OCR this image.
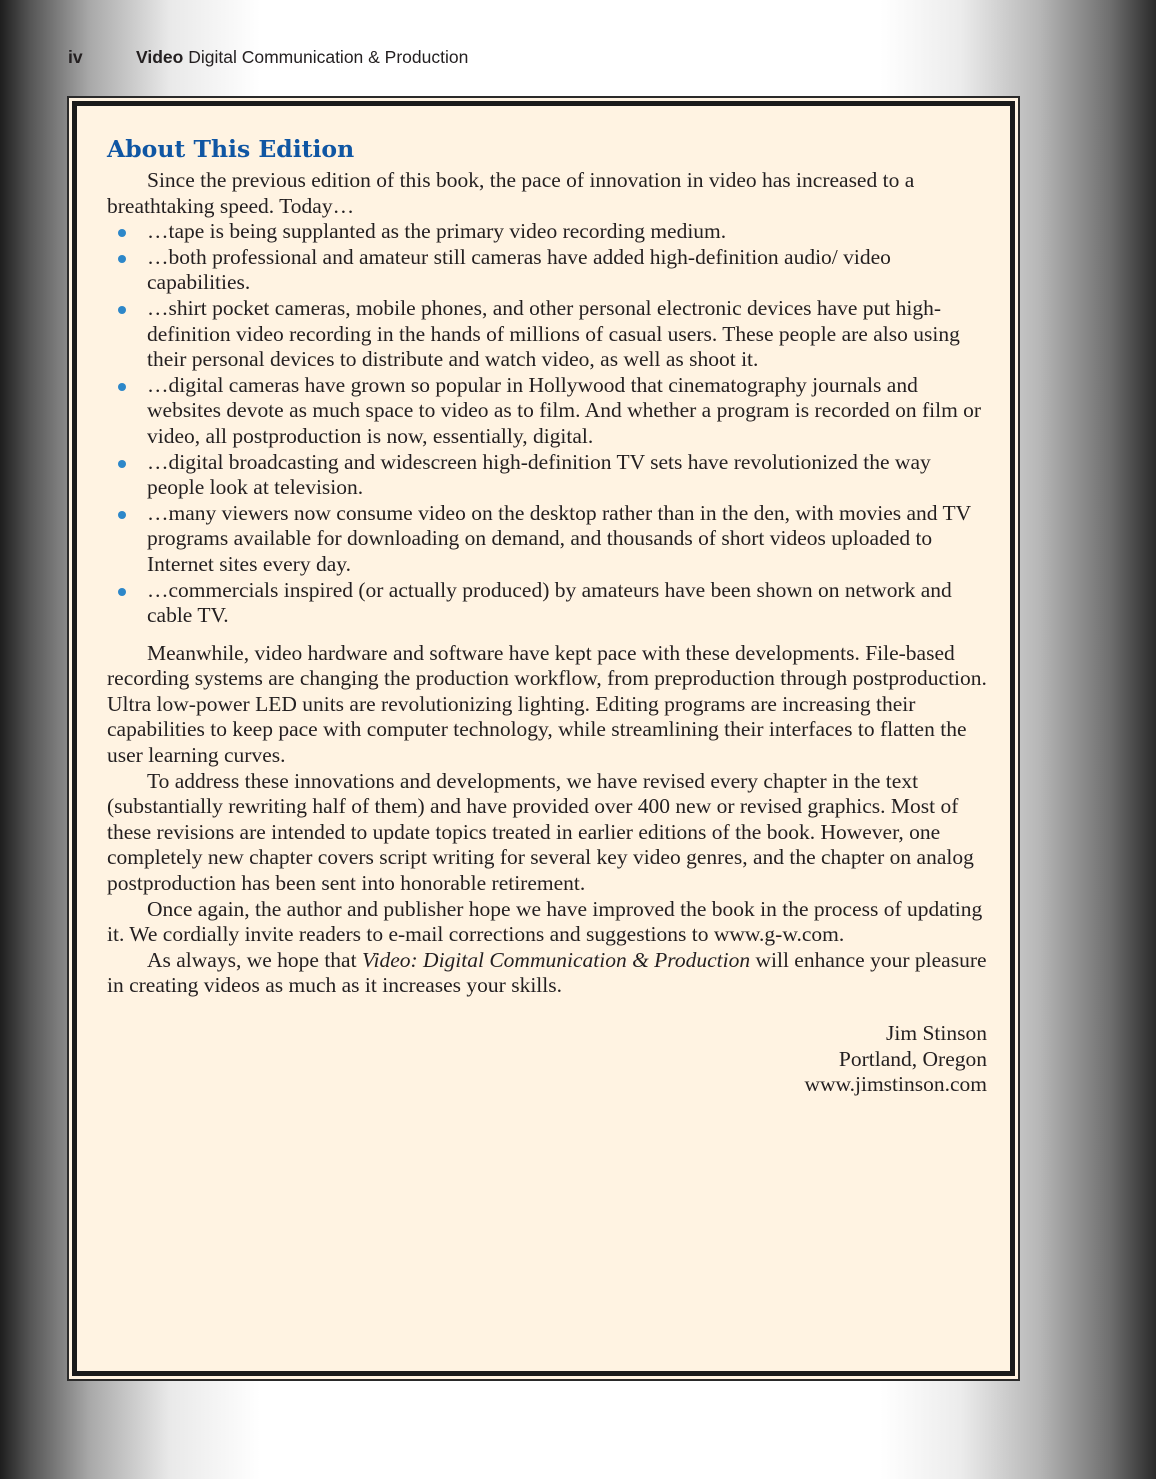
iv	Video Digital Communication & Production
About This Edition

Since the previous edition of this book, the pace of innovation in video has increased to a breathtaking speed. Today…

…tape is being supplanted as the primary video recording medium.
…both professional and amateur still cameras have added high-definition audio/ video capabilities.
…shirt pocket cameras, mobile phones, and other personal electronic devices have put high-definition video recording in the hands of millions of casual users. These people are also using their personal devices to distribute and watch video, as well as shoot it.
…digital cameras have grown so popular in Hollywood that cinematography journals and websites devote as much space to video as to film. And whether a program is recorded on film or video, all postproduction is now, essentially, digital.
…digital broadcasting and widescreen high-definition TV sets have revolutionized the way people look at television.
…many viewers now consume video on the desktop rather than in the den, with movies and TV programs available for downloading on demand, and thousands of short videos uploaded to Internet sites every day.
…commercials inspired (or actually produced) by amateurs have been shown on network and cable TV.

Meanwhile, video hardware and software have kept pace with these developments. File-based recording systems are changing the production workflow, from preproduction through postproduction. Ultra low-power LED units are revolutionizing lighting. Editing programs are increasing their capabilities to keep pace with computer technology, while streamlining their interfaces to flatten the user learning curves.

To address these innovations and developments, we have revised every chapter in the text (substantially rewriting half of them) and have provided over 400 new or revised graphics. Most of these revisions are intended to update topics treated in earlier editions of the book. However, one completely new chapter covers script writing for several key video genres, and the chapter on analog postproduction has been sent into honorable retirement.

Once again, the author and publisher hope we have improved the book in the process of updating it. We cordially invite readers to e-mail corrections and suggestions to www.g-w.com.

As always, we hope that Video: Digital Communication & Production will enhance your pleasure in creating videos as much as it increases your skills.

Jim Stinson
Portland, Oregon
www.jimstinson.com
